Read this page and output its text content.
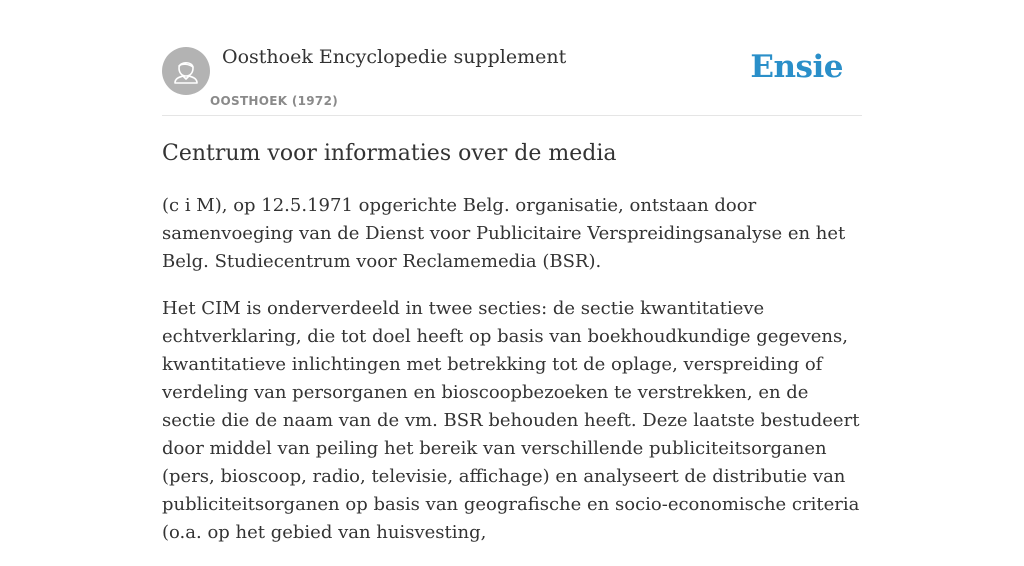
Oosthoek Encyclopedie supplement
OOSTHOEK (1972)
Ensie
Centrum voor informaties over de media

(c i M), op 12.5.1971 opgerichte Belg. organisatie, ontstaan door samenvoeging van de Dienst voor Publicitaire Verspreidingsanalyse en het Belg. Studiecentrum voor Reclamemedia (BSR).

Het CIM is onderverdeeld in twee secties: de sectie kwantitatieve echtverklaring, die tot doel heeft op basis van boekhoudkundige gegevens, kwantitatieve inlichtingen met betrekking tot de oplage, verspreiding of verdeling van persorganen en bioscoopbezoeken te verstrekken, en de sectie die de naam van de vm. BSR behouden heeft. Deze laatste bestudeert door middel van peiling het bereik van verschillende publiciteitsorganen (pers, bioscoop, radio, televisie, affichage) en analyseert de distributie van publiciteitsorganen op basis van geografische en socio-economische criteria (o.a. op het gebied van huisvesting,
